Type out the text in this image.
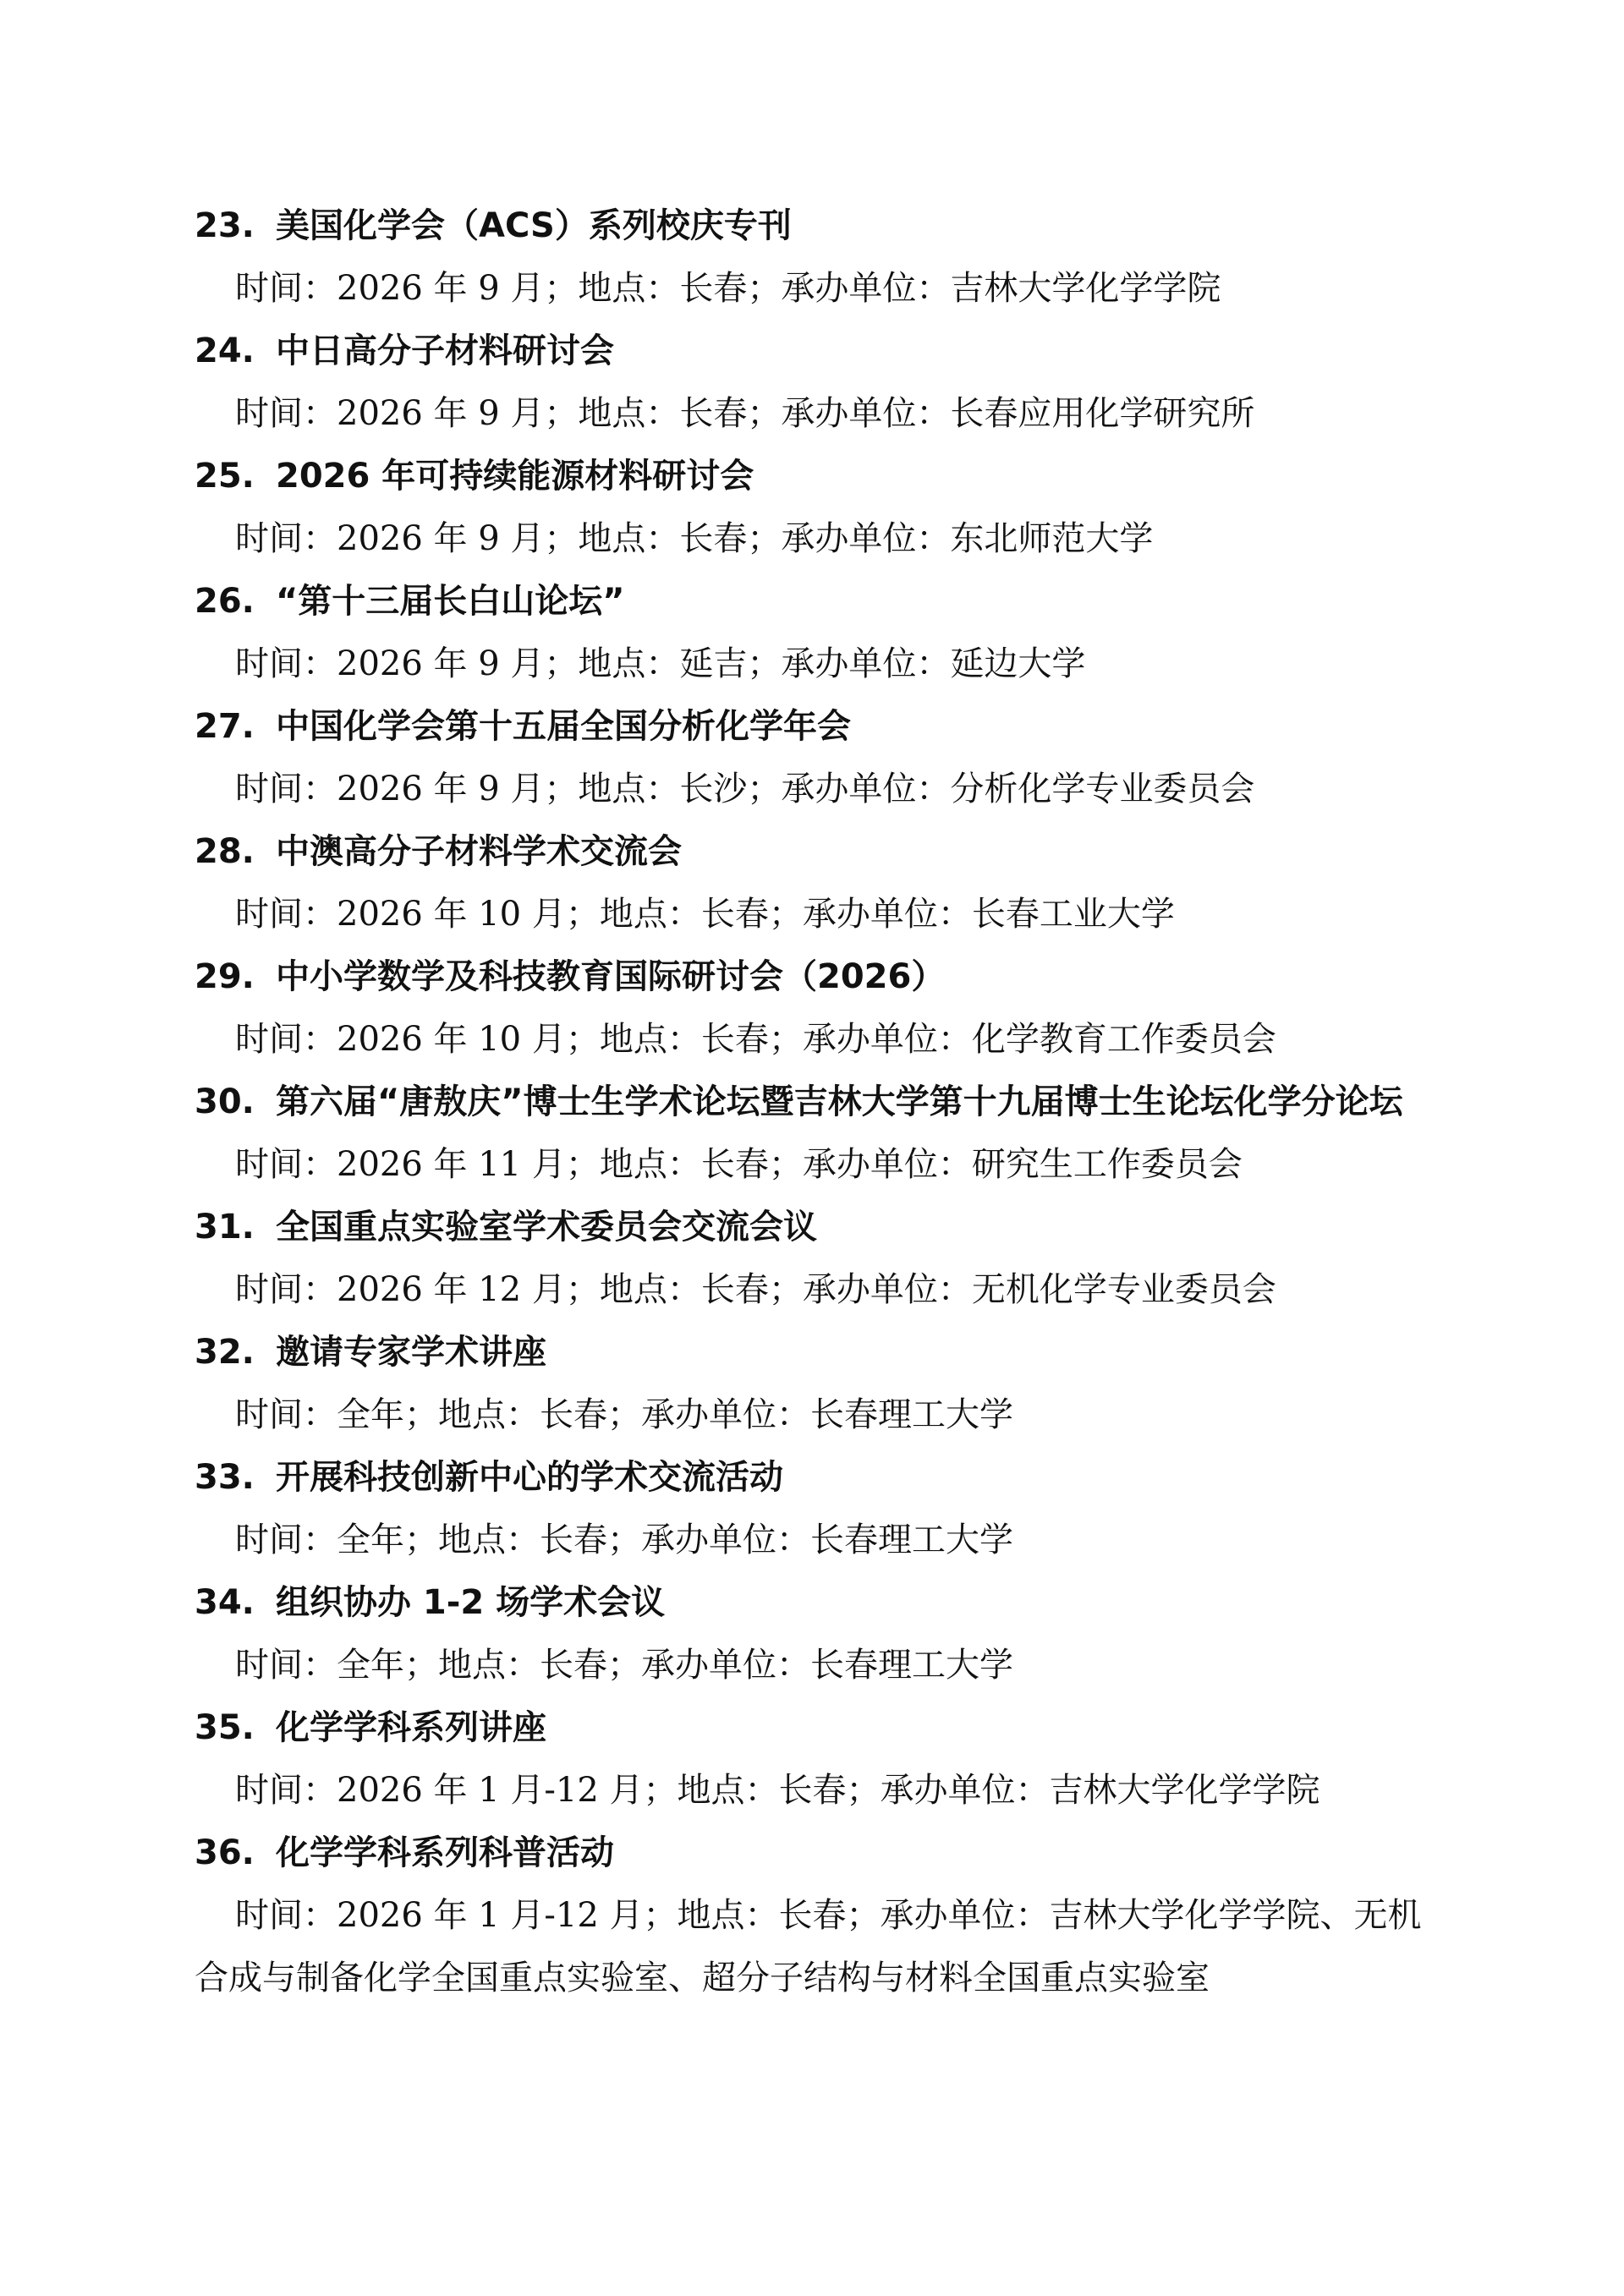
23. 美国化学会（ACS）系列校庆专刊

时间：2026 年 9 月；地点：长春；承办单位：吉林大学化学学院

24. 中日高分子材料研讨会

时间：2026 年 9 月；地点：长春；承办单位：长春应用化学研究所

25. 2026 年可持续能源材料研讨会

时间：2026 年 9 月；地点：长春；承办单位：东北师范大学

26. “第十三届长白山论坛”

时间：2026 年 9 月；地点：延吉；承办单位：延边大学

27. 中国化学会第十五届全国分析化学年会

时间：2026 年 9 月；地点：长沙；承办单位：分析化学专业委员会

28. 中澳高分子材料学术交流会

时间：2026 年 10 月；地点：长春；承办单位：长春工业大学

29. 中小学数学及科技教育国际研讨会（2026）

时间：2026 年 10 月；地点：长春；承办单位：化学教育工作委员会

30. 第六届“唐敖庆”博士生学术论坛暨吉林大学第十九届博士生论坛化学分论坛

时间：2026 年 11 月；地点：长春；承办单位：研究生工作委员会

31. 全国重点实验室学术委员会交流会议

时间：2026 年 12 月；地点：长春；承办单位：无机化学专业委员会

32. 邀请专家学术讲座

时间：全年；地点：长春；承办单位：长春理工大学

33. 开展科技创新中心的学术交流活动

时间：全年；地点：长春；承办单位：长春理工大学

34. 组织协办 1-2 场学术会议

时间：全年；地点：长春；承办单位：长春理工大学

35. 化学学科系列讲座

时间：2026 年 1 月-12 月；地点：长春；承办单位：吉林大学化学学院

36. 化学学科系列科普活动

时间：2026 年 1 月-12 月；地点：长春；承办单位：吉林大学化学学院、无机合成与制备化学全国重点实验室、超分子结构与材料全国重点实验室
